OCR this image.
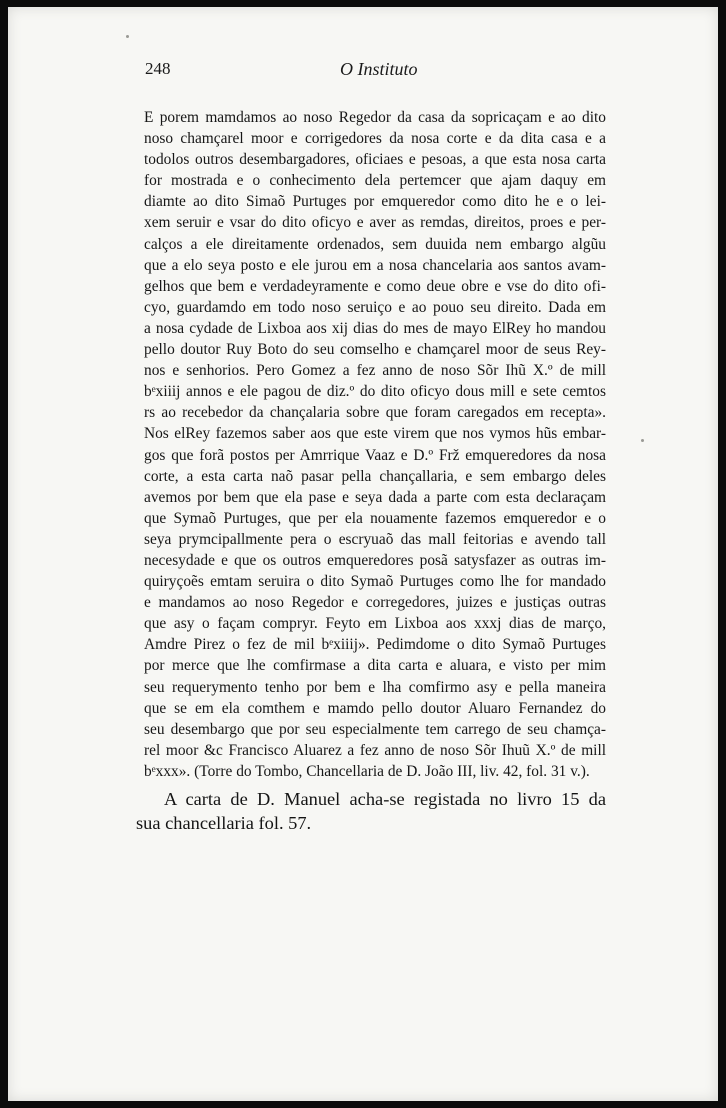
248	O Instituto
E porem mamdamos ao noso Regedor da casa da sopricaçam e ao dito
noso chamçarel moor e corrigedores da nosa corte e da dita casa e a
todolos outros desembargadores, oficiaes e pesoas, a que esta nosa carta
for mostrada e o conhecimento dela pertemcer que ajam daquy em
diamte ao dito Simaõ Purtuges por emqueredor como dito he e o lei-
xem seruir e vsar do dito oficyo e aver as remdas, direitos, proes e per-
calços a ele direitamente ordenados, sem duuida nem embargo algũu
que a elo seya posto e ele jurou em a nosa chancelaria aos santos avam-
gelhos que bem e verdadeyramente e como deue obre e vse do dito ofi-
cyo, guardamdo em todo noso seruiço e ao pouo seu direito. Dada em
a nosa cydade de Lixboa aos xij dias do mes de mayo ElRey ho mandou
pello doutor Ruy Boto do seu comselho e chamçarel moor de seus Rey-
nos e senhorios. Pero Gomez a fez anno de noso Sõr Ihũ X.º de mill
bᵉxiiij annos e ele pagou de diz.º do dito oficyo dous mill e sete cemtos
rs ao recebedor da chançalaria sobre que foram caregados em recepta».
Nos elRey fazemos saber aos que este virem que nos vymos hũs embar-
gos que forã postos per Amrrique Vaaz e D.º Frž emqueredores da nosa
corte, a esta carta naõ pasar pella chançallaria, e sem embargo deles
avemos por bem que ela pase e seya dada a parte com esta declaraçam
que Symaõ Purtuges, que per ela nouamente fazemos emqueredor e o
seya prymcipallmente pera o escryuaõ das mall feitorias e avendo tall
necesydade e que os outros emqueredores posã satysfazer as outras im-
quiryçoẽs emtam seruira o dito Symaõ Purtuges como lhe for mandado
e mandamos ao noso Regedor e corregedores, juizes e justiças outras
que asy o façam compryr. Feyto em Lixboa aos xxxj dias de março,
Amdre Pirez o fez de mil bᵉxiiij». Pedimdome o dito Symaõ Purtuges
por merce que lhe comfirmase a dita carta e aluara, e visto per mim
seu requerymento tenho por bem e lha comfirmo asy e pella maneira
que se em ela comthem e mamdo pello doutor Aluaro Fernandez do
seu desembargo que por seu especialmente tem carrego de seu chamça-
rel moor &c Francisco Aluarez a fez anno de noso Sõr Ihuũ X.º de mill
bᵉxxx». (Torre do Tombo, Chancellaria de D. João III, liv. 42, fol. 31 v.).
A carta de D. Manuel acha-se registada no livro 15 da
sua chancellaria fol. 57.
